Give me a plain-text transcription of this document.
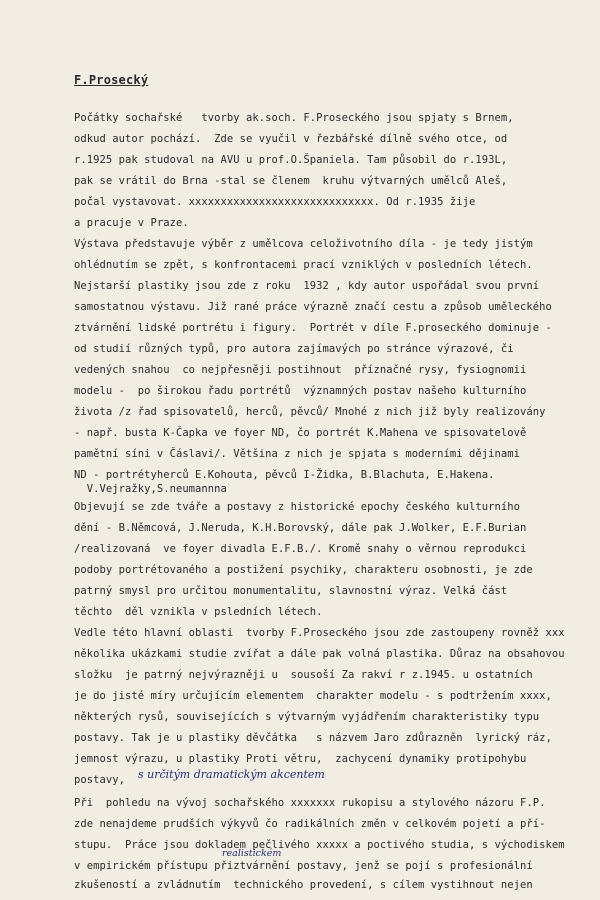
F.Prosecký
Počátky sochařské   tvorby ak.soch. F.Proseckého jsou spjaty s Brnem,
odkud autor pochází.  Zde se vyučil v řezbářské dílně svého otce, od
r.1925 pak studoval na AVU u prof.O.Španiela. Tam působil do r.193L,
pak se vrátil do Brna -stal se členem  kruhu výtvarných umělců Aleš,
počal vystavovat. xxxxxxxxxxxxxxxxxxxxxxxxxxxxx. Od r.1935 žije
a pracuje v Praze.
Výstava představuje výběr z umělcova celoživotního díla - je tedy jistým
ohlédnutím se zpět, s konfrontacemi prací vzniklých v posledních létech.
Nejstarší plastiky jsou zde z roku  1932 , kdy autor uspořádal svou první
samostatnou výstavu. Již rané práce výrazně značí cestu a způsob uměleckého
ztvárnění lidské portrétu i figury.  Portrét v díle F.proseckého dominuje -
od studií různých typů, pro autora zajímavých po stránce výrazové, či
vedených snahou  co nejpřesněji postihnout  příznačné rysy, fysiognomii
modelu -  po širokou řadu portrétů  významných postav našeho kulturního
života /z řad spisovatelů, herců, pěvců/ Mnohé z nich již byly realizovány
- např. busta K-Čapka ve foyer ND, čo portrét K.Mahena ve spisovatelově
pamětní síni v Čáslavi/. Většina z nich je spjata s moderními dějinami
ND - portrétyherců E.Kohouta, pěvců I-Židka, B.Blachuta, E.Hakena.
V.Vejražky,S.neumannna
Objevují se zde tváře a postavy z historické epochy českého kulturního
dění - B.Němcová, J.Neruda, K.H.Borovský, dále pak J.Wolker, E.F.Burian
/realizovaná  ve foyer divadla E.F.B./. Kromě snahy o věrnou reprodukci
podoby portrétovaného a postižení psychiky, charakteru osobnosti, je zde
patrný smysl pro určitou monumentalitu, slavnostní výraz. Velká část
těchto  děl vznikla v psledních létech.
Vedle této hlavní oblasti  tvorby F.Proseckého jsou zde zastoupeny rovněž xxx
několika ukázkami studie zvířat a dále pak volná plastika. Důraz na obsahovou
složku  je patrný nejvýrazněji u  sousoší Za rakví r z.1945. u ostatních
je do jisté míry určujícím elementem  charakter modelu - s podtržením xxxx,
některých rysů, souvisejících s výtvarným vyjádřením charakteristiky typu
postavy. Tak je u plastiky děvčátka   s názvem Jaro zdůrazněn  lyrický ráz,
jemnost výrazu, u plastiky Proti větru,  zachycení dynamiky protipohybu
postavy,
Při  pohledu na vývoj sochařského xxxxxxx rukopisu a stylového názoru F.P.
zde nenajdeme prudších výkyvů čo radikálních změn v celkovém pojetí a pří-
stupu.  Práce jsou dokladem pečlivého xxxxx a poctivého studia, s východiskem
v empirickém přístupu přiztvárnění postavy, jenž se pojí s profesionální
zkušeností a zvládnutím  technického provedení, s cílem vystihnout nejen
s určitým dramatickým akcentem
realistickém
